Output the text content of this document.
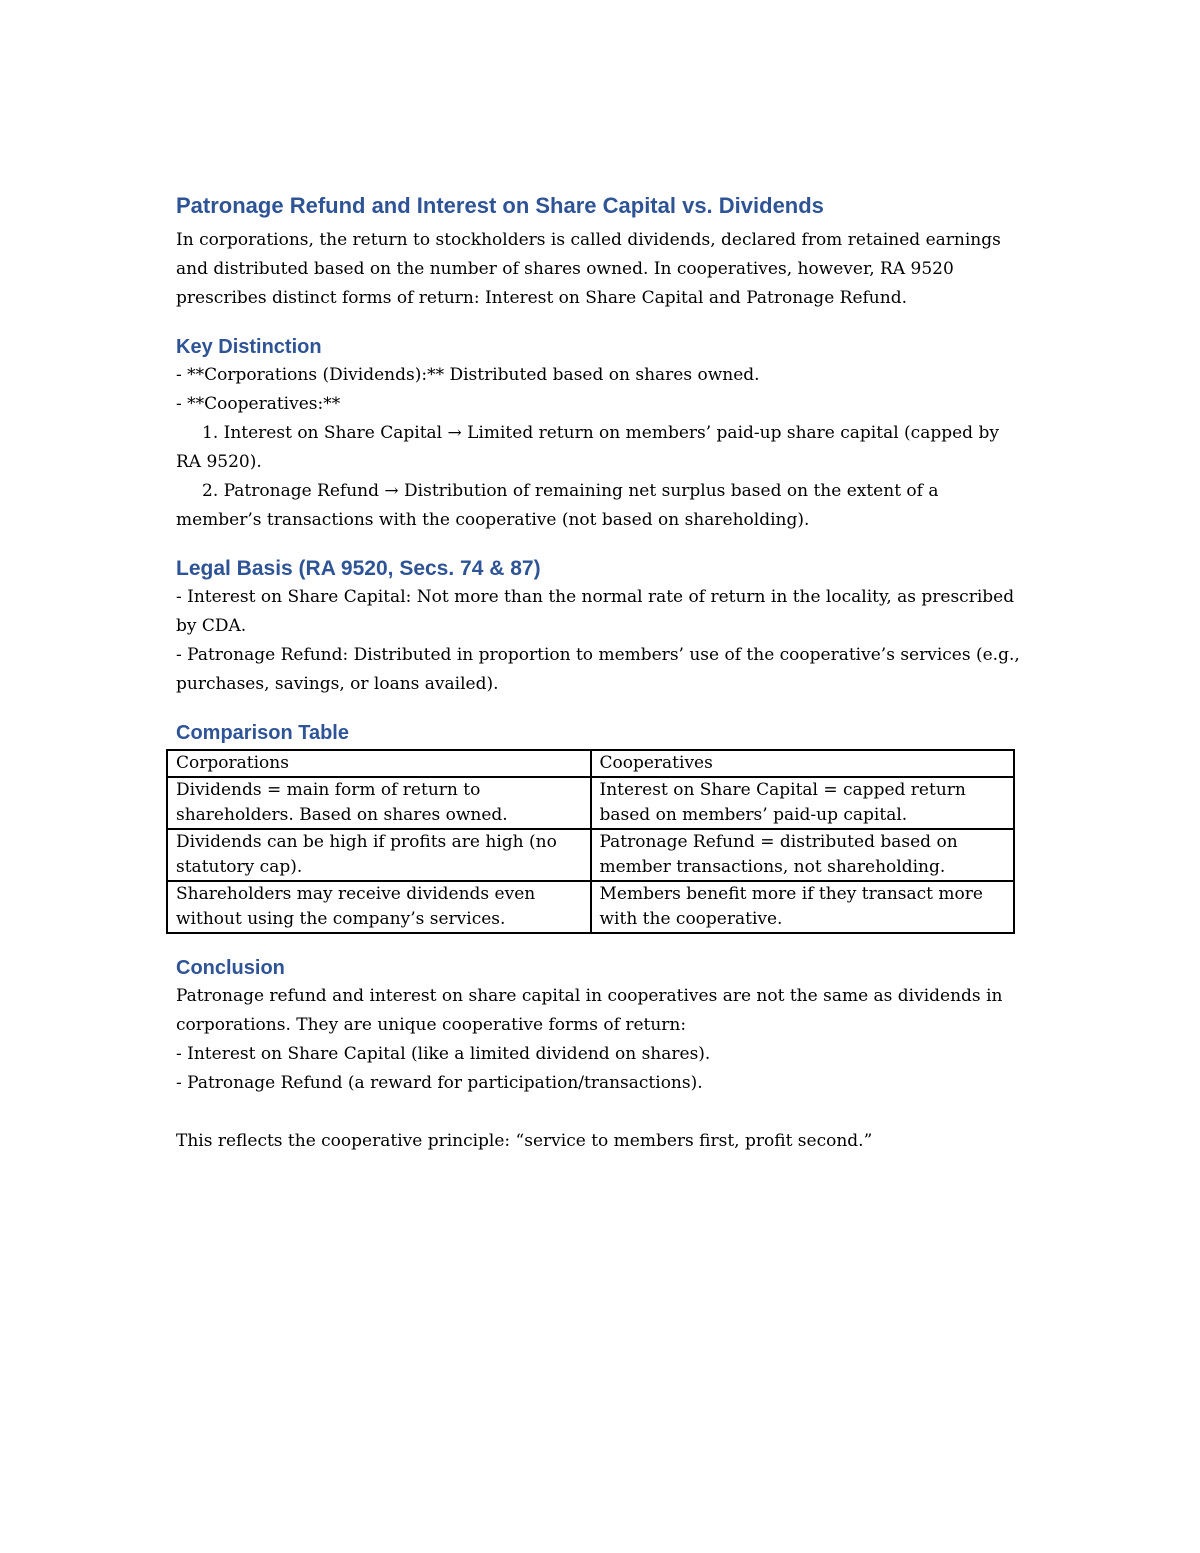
Patronage Refund and Interest on Share Capital vs. Dividends

In corporations, the return to stockholders is called dividends, declared from retained earnings and distributed based on the number of shares owned. In cooperatives, however, RA 9520 prescribes distinct forms of return: Interest on Share Capital and Patronage Refund.

Key Distinction

- **Corporations (Dividends):** Distributed based on shares owned.

- **Cooperatives:**

1. Interest on Share Capital → Limited return on members’ paid-up share capital (capped by RA 9520).

2. Patronage Refund → Distribution of remaining net surplus based on the extent of a member’s transactions with the cooperative (not based on shareholding).

Legal Basis (RA 9520, Secs. 74 & 87)

- Interest on Share Capital: Not more than the normal rate of return in the locality, as prescribed by CDA.

- Patronage Refund: Distributed in proportion to members’ use of the cooperative’s services (e.g., purchases, savings, or loans availed).

Comparison Table
Corporations	Cooperatives
Dividends = main form of return to shareholders. Based on shares owned.	Interest on Share Capital = capped return based on members’ paid-up capital.
Dividends can be high if profits are high (no statutory cap).	Patronage Refund = distributed based on member transactions, not shareholding.
Shareholders may receive dividends even without using the company’s services.	Members benefit more if they transact more with the cooperative.
Conclusion

Patronage refund and interest on share capital in cooperatives are not the same as dividends in corporations. They are unique cooperative forms of return:

- Interest on Share Capital (like a limited dividend on shares).

- Patronage Refund (a reward for participation/transactions).

This reflects the cooperative principle: “service to members first, profit second.”
